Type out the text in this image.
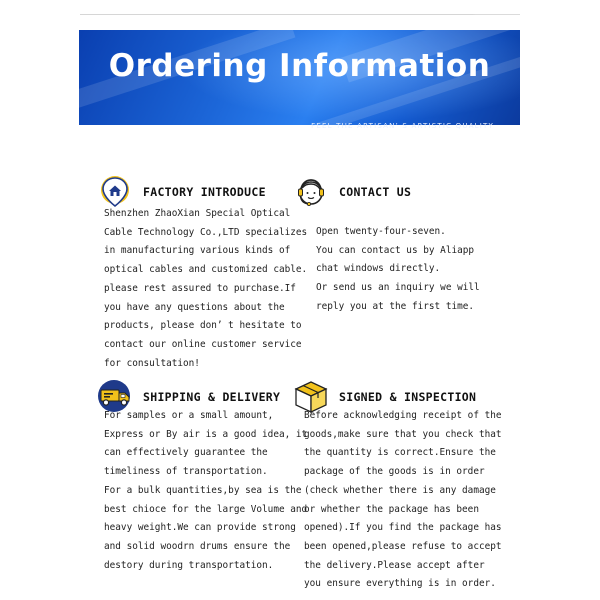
Ordering Information
FEEL THE ARTISAN’ S ARTISTIC QUALITY
FACTORY INTRODUCE
Shenzhen ZhaoXian Special Optical
Cable Technology Co.,LTD specializes
in manufacturing various kinds of
optical cables and customized cable.
please rest assured to purchase.If
you have any questions about the
products, please don’ t hesitate to
contact our online customer service
for consultation!
CONTACT US
Open twenty-four-seven.
You can contact us by Aliapp
chat windows directly.
Or send us an inquiry we will
reply you at the first time.
SHIPPING & DELIVERY
For samples or a small amount,
Express or By air is a good idea, it
can effectively guarantee the
timeliness of transportation.
For a bulk quantities,by sea is the
best chioce for the large Volume and
heavy weight.We can provide strong
and solid woodrn drums ensure the
destory during transportation.
SIGNED & INSPECTION
Before acknowledging receipt of the
goods,make sure that you check that
the quantity is correct.Ensure the
package of the goods is in order
(check whether there is any damage
or whether the package has been
opened).If you find the package has
been opened,please refuse to accept
the delivery.Please accept after
you ensure everything is in order.
